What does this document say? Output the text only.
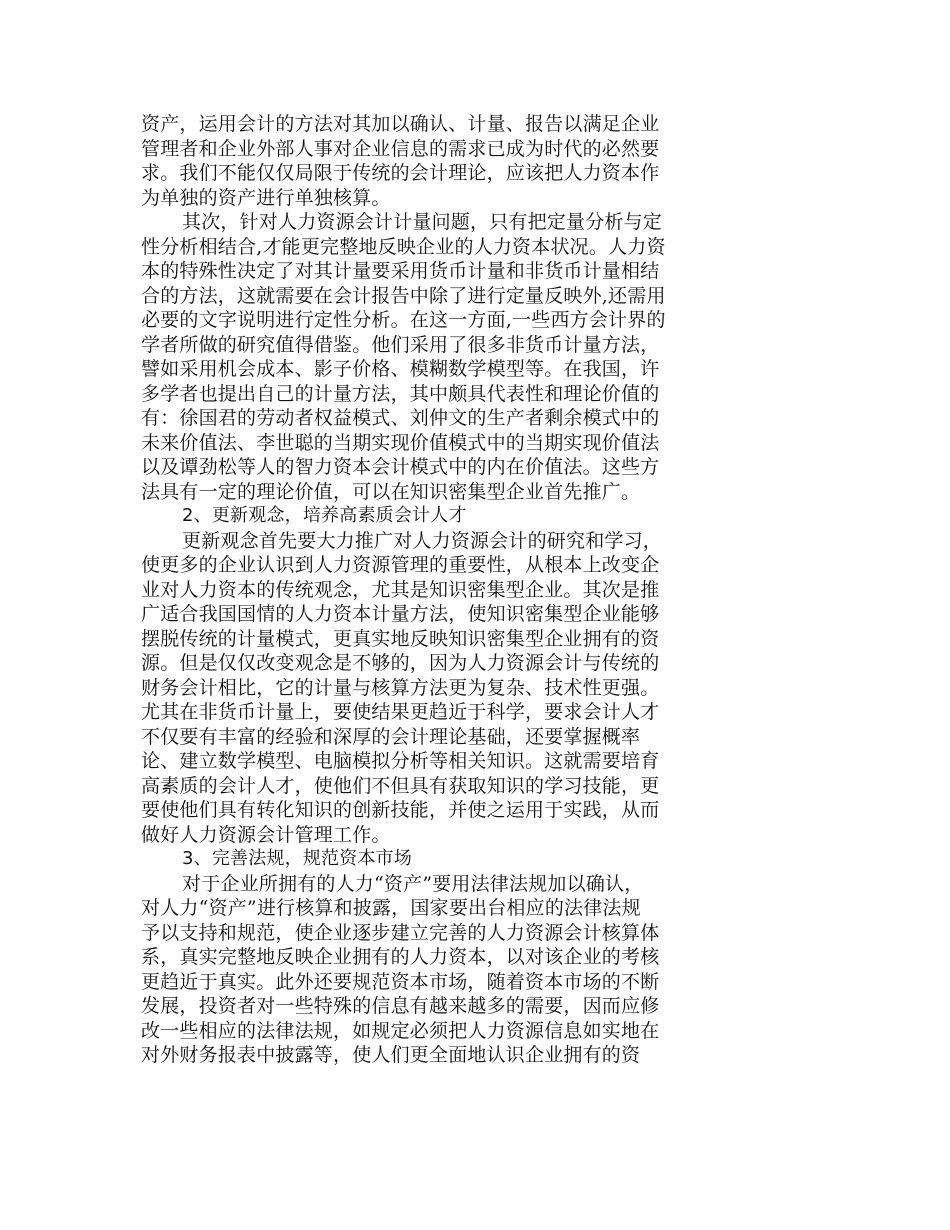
资产，运用会计的方法对其加以确认、计量、报告以满足企业
管理者和企业外部人事对企业信息的需求已成为时代的必然要
求。我们不能仅仅局限于传统的会计理论，应该把人力资本作
为单独的资产进行单独核算。
其次，针对人力资源会计计量问题，只有把定量分析与定
性分析相结合,才能更完整地反映企业的人力资本状况。人力资
本的特殊性决定了对其计量要采用货币计量和非货币计量相结
合的方法，这就需要在会计报告中除了进行定量反映外,还需用
必要的文字说明进行定性分析。在这一方面,一些西方会计界的
学者所做的研究值得借鉴。他们采用了很多非货币计量方法，
譬如采用机会成本、影子价格、模糊数学模型等。在我国，许
多学者也提出自己的计量方法，其中颇具代表性和理论价值的
有：徐国君的劳动者权益模式、刘仲文的生产者剩余模式中的
未来价值法、李世聪的当期实现价值模式中的当期实现价值法
以及谭劲松等人的智力资本会计模式中的内在价值法。这些方
法具有一定的理论价值，可以在知识密集型企业首先推广。
2、更新观念，培养高素质会计人才
更新观念首先要大力推广对人力资源会计的研究和学习，
使更多的企业认识到人力资源管理的重要性，从根本上改变企
业对人力资本的传统观念，尤其是知识密集型企业。其次是推
广适合我国国情的人力资本计量方法，使知识密集型企业能够
摆脱传统的计量模式，更真实地反映知识密集型企业拥有的资
源。但是仅仅改变观念是不够的，因为人力资源会计与传统的
财务会计相比，它的计量与核算方法更为复杂、技术性更强。
尤其在非货币计量上，要使结果更趋近于科学，要求会计人才
不仅要有丰富的经验和深厚的会计理论基础，还要掌握概率
论、建立数学模型、电脑模拟分析等相关知识。这就需要培育
高素质的会计人才，使他们不但具有获取知识的学习技能，更
要使他们具有转化知识的创新技能，并使之运用于实践，从而
做好人力资源会计管理工作。
3、完善法规，规范资本市场
对于企业所拥有的人力“资产”要用法律法规加以确认，
对人力“资产”进行核算和披露，国家要出台相应的法律法规
予以支持和规范，使企业逐步建立完善的人力资源会计核算体
系，真实完整地反映企业拥有的人力资本，以对该企业的考核
更趋近于真实。此外还要规范资本市场，随着资本市场的不断
发展，投资者对一些特殊的信息有越来越多的需要，因而应修
改一些相应的法律法规，如规定必须把人力资源信息如实地在
对外财务报表中披露等，使人们更全面地认识企业拥有的资
